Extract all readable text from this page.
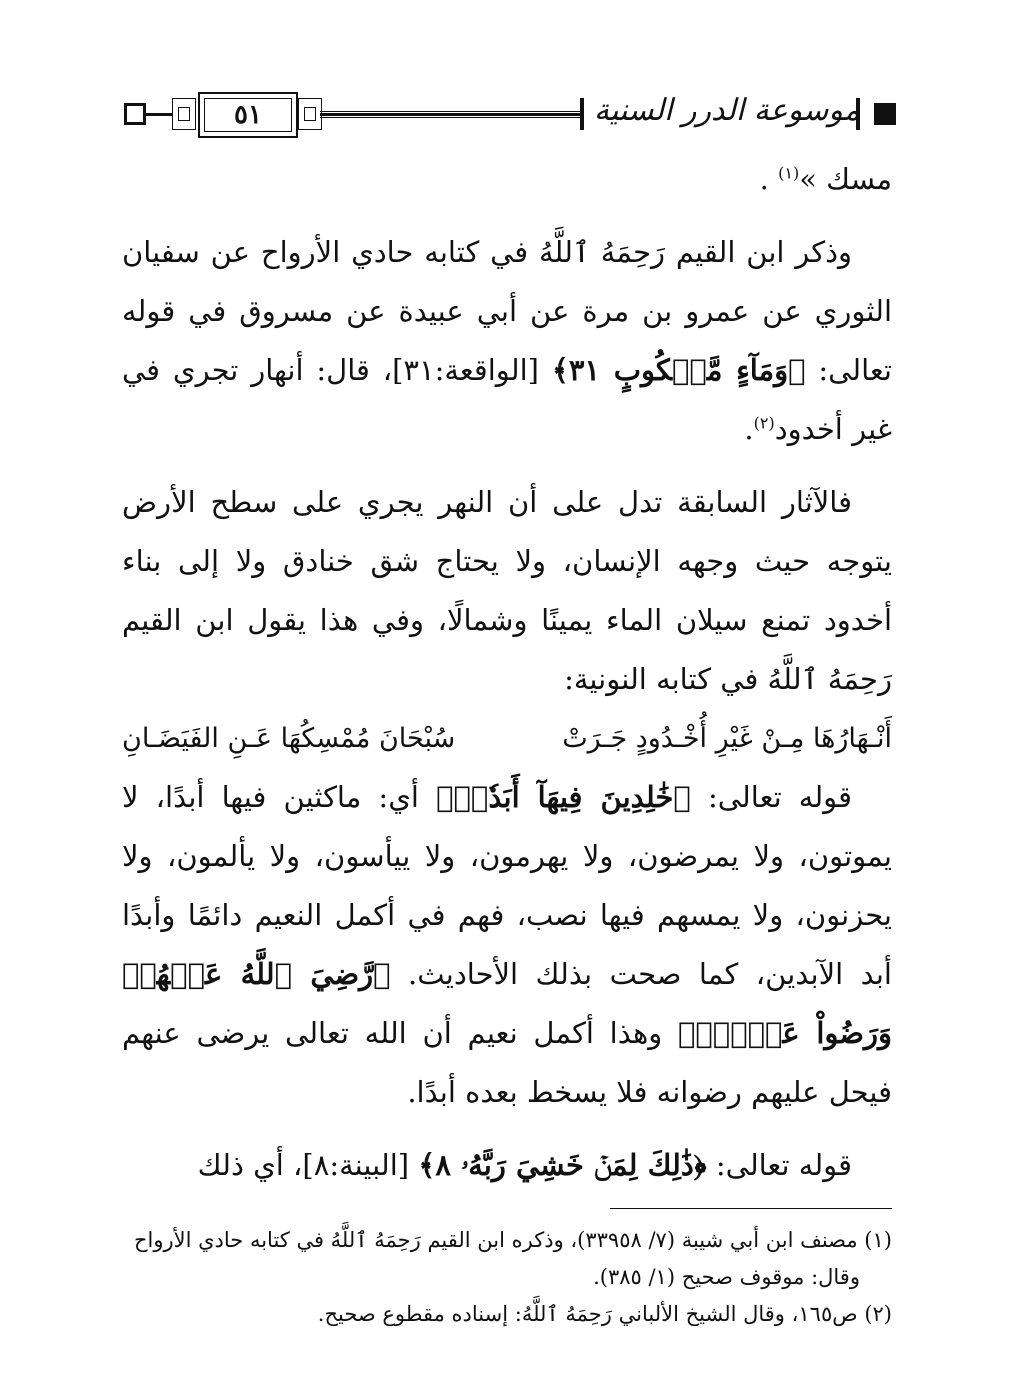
موسوعة الدرر السنية
٥١

مسك »$^{(١)}$ .

وذكر ابن القيم رَحِمَهُ ٱللَّهُ في كتابه حادي الأرواح عن سفيان الثوري عن عمرو بن مرة عن أبي عبيدة عن مسروق في قوله تعالى: ﴿وَمَآءٍ مَّسۡكُوبٍ ٣١﴾ [الواقعة:٣١]، قال: أنهار تجري في غير أخدود$^{(٢)}$.

فالآثار السابقة تدل على أن النهر يجري على سطح الأرض يتوجه حيث وجهه الإنسان، ولا يحتاج شق خنادق ولا إلى بناء أخدود تمنع سيلان الماء يمينًا وشمالًا، وفي هذا يقول ابن القيم رَحِمَهُ ٱللَّهُ في كتابه النونية:

أَنْـهَارُهَا مِـنْ غَيْرِ أُخْـدُودٍ جَـرَتْ
سُبْحَانَ مُمْسِكُهَا عَـنِ الفَيَضَـانِ

قوله تعالى: ﴿خَٰلِدِينَ فِيهَآ أَبَدٗاۖ﴾ أي: ماكثين فيها أبدًا، لا يموتون، ولا يمرضون، ولا يهرمون، ولا ييأسون، ولا يألمون، ولا يحزنون، ولا يمسهم فيها نصب، فهم في أكمل النعيم دائمًا وأبدًا أبد الآبدين، كما صحت بذلك الأحاديث. ﴿رَّضِيَ ٱللَّهُ عَنۡهُمۡ وَرَضُواْ عَنۡهُۚ﴾ وهذا أكمل نعيم أن الله تعالى يرضى عنهم فيحل عليهم رضوانه فلا يسخط بعده أبدًا.

قوله تعالى: ﴿ذَٰلِكَ لِمَنۡ خَشِيَ رَبَّهُۥ ٨﴾ [البينة:٨]، أي ذلك

(١) مصنف ابن أبي شيبة (٧/ ٣٣٩٥٨)، وذكره ابن القيم رَحِمَهُ ٱللَّهُ في كتابه حادي الأرواح

وقال: موقوف صحيح (١/ ٣٨٥).

(٢) ص١٦٥، وقال الشيخ الألباني رَحِمَهُ ٱللَّهُ: إسناده مقطوع صحيح.
